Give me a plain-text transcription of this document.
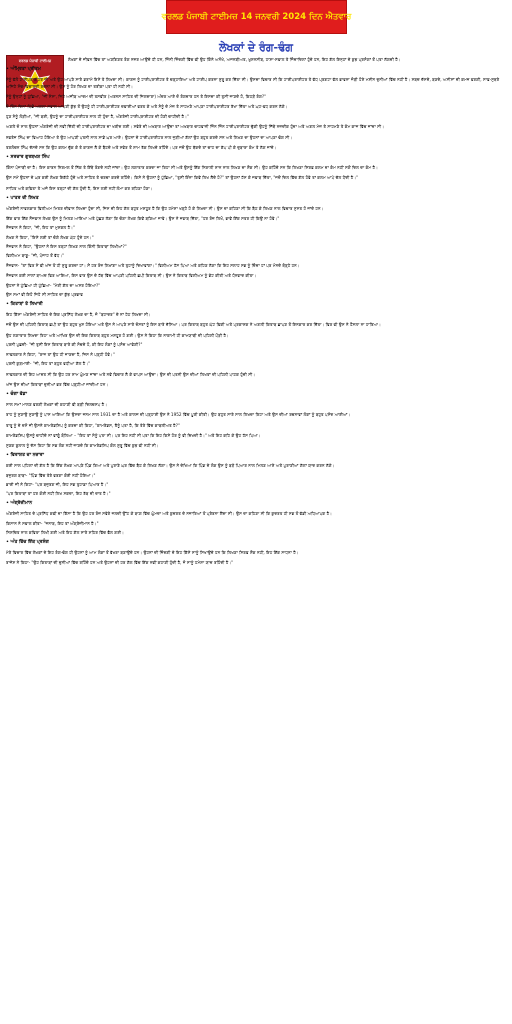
ਵਰਲਡ ਪੰਜਾਬੀ ਟਾਈਮਜ਼ 14 ਜਨਵਰੀ 2024 ਦਿਨ ਐਤਵਾਰ
ਲੇਖਕਾਂ ਦੇ ਰੰਗ-ਢੰਗ
ਵਰਲਡ ਪੰਜਾਬੀ ਟਾਈਮਜ਼	ਲੇਖਕਾਂ ਦੇ ਜੀਵਨ ਵਿੱਚ ਤਾਂ ਅਣਗਿਣਤ ਰੰਗ ਨਜ਼ਰ ਆਉਂਦੇ ਹੀ ਹਨ, ਜਿੰਨੀ ਜ਼ਿੰਦਗੀ ਵਿੱਚ ਵੀ ਉਹ ਕਿੰਨੇ ਅਨੋਖੇ, ਅਜਨਬੀਅਤ, ਖ਼ੁਸ਼ਨਸੀਬ, ਹਾਸ਼ਾ-ਸਵਾਲ ਤੇ ਜਿੰਦਾਦਿਲਾਂ ਹੁੰਦੇ ਹਨ, ਇਹ ਗੱਲ ਇਨ੍ਹਾਂ ਦੇ ਕੁਝ ਪ੍ਰਸੰਗਾਂ ਤੋਂ ਪਤਾ ਲੱਗਦੀ ਹੈ।

• ਅੰਮ੍ਰਿਤਾ ਪ੍ਰੀਤਮ

ਮੈਨੂੰ ਵੱਲੋਂ ਟਾਈਪਰਾਈਟਰ ਜੀ ਅਤੇ ਉਹ ਆਪਣੇ ਸਾਰੇ ਡਰਾਮੇ ਇਸੇ ਤੇ ਲਿਖਦਾ ਸੀ। ਕਾਗਜ਼ ਨੂੰ ਟਾਈਪਰਾਈਟਰ ਤੇ ਚੜ੍ਹਾਇਆ ਅਤੇ ਟਾਈਪ ਕਰਨਾ ਸ਼ੁਰੂ ਕਰ ਦਿੱਤਾ ਸੀ। ਉਸਦਾ ਵਿਚਾਰ ਸੀ ਕਿ ਟਾਈਪਰਾਈਟਰ ਤੇ ਵੱਧ ਪ੍ਰਗਟਾ ਵੱਲ ਭਾਵਨਾ ਜੋੜੀ ਹੋਏ ਮਸ਼ੀਨ ਦੁਨੀਆਂ ਵਿੱਚ ਨਹੀਂ ਹੈ। ਸਬਦ ਦੱਸਦੇ, ਬਣਦੇ, ਅਸੀਸਾਂ ਦੀ ਕਮਜ਼ ਵਰਗੀ, ਸਾਫ਼-ਸੁਥਰੇ ਅਜਿਹੇ ਸੋਚ-ਵਿਚਾਰਦੀ ਰਚਨਾ ਸੀ। ਉਸ ਨੂੰ ਹੋਰ ਲਿਖਣ ਦਾ ਤਰੀਕਾ ਪਤਾ ਹੀ ਨਹੀਂ ਸੀ।

ਮੈਨੂੰ ਉਨ੍ਹਾਂ ਨੂੰ ਪੁੱਛਿਆ, "ਜੀ ਮੈਸਾ, ਜਿਹੇ ਅਜੀਬ ਆਦਮ ਦੀ ਤਸਵੀਰ (ਅਰਨਸ ਸਾਹਿਤ ਦੀ ਜਿਲਦਾਰਾ) ਅੰਦਰ ਆਏ ਦੋ ਰੰਗਦਾਰ ਹਨ ਤੇ ਇਸਦਾ ਕੀ ਤੁਸੀਂ ਜਾਣਦੇ ਹੋ, ਕਿਹੜੇ ਰੰਗ?"

ਦੋ ਤਿੰਨ ਦਿਨਾਂ ਪਿੱਛੋਂ ਅਗਲਾ ਸਵਾਲ ਆਪਣੀ ਕੁੱਝ ਤੋਂ ਉਹਨੂੰ ਹੀ ਟਾਈਪਰਾਈਟਰ ਦਵਾਈਆਂ ਵਰਤ ਕੇ ਅਤੇ ਮੈਨੂੰ ਦੇ ਮੇਜ਼ ਤੇ ਸਾਹਮਣੇ ਆਪਣਾ ਟਾਈਪਰਾਈਟਰ ਰੱਖਾ ਦਿੱਤਾ ਅਤੇ ਘਟ-ਵਧ ਕਰਨ ਲੱਗੇ।

ਹੁਣ ਮੈਨੂੰ ਲੋੜੀਆਂ, "ਜੀ ਬਈ, ਉਹਨੂੰ ਦਾ ਟਾਈਪਰਾਈਟਰ ਨਾਲ ਹੀ ਹੁੰਦਾ ਹੈ, ਅੰਗਰੇਜ਼ੀ ਟਾਈਪਰਾਈਟਰ ਦੀ ਹੋਣੀ ਚਾਹੀਦੀ ਹੈ।"

ਅਗਲੇ ਦੋ ਸਾਲ ਉਹਨਾਂ ਅੰਗਰੇਜ਼ੀ ਦੀ ਨਵੀਂ ਦਿੱਤੀ ਦੀ ਟਾਈਪਰਾਈਟਰ ਦਾ ਖਰੀਦ ਲਈ। ਸਵੇਰੇ ਦੀ ਅਖਬਾਰ ਆਉਂਦਾ ਤਾਂ ਅਖਬਾਰ ਚਾਹਵਾਨੀ ਜਿੰਨ ਜਿੰਨ ਟਾਈਪਰਾਈਟਰ ਚੁੱਕੀ ਉਹਨੂੰ ਜਿੱਥੇ ਨਜ਼ਦੀਕ ਹੁੰਦਾ ਅਤੇ ਅਗਲ ਮੇਜ਼ ਤੇ ਸਾਹਮਣੇ ਤੇ ਕੰਮ ਕਾਜ ਵਿੱਚ ਜਾਂਦਾ ਸੀ।

ਨਵਤੇਜ ਸਿੰਘ ਦਾ ਵਿਆਹ ਹੋਇਆ ਤੇ ਉਹ ਆਪਣੀ ਪਤਨੀ ਨਾਲ ਸਾਡੇ ਘਰ ਆਏ। ਉਹਨਾਂ ਦੇ ਟਾਈਪਰਾਈਟਰ ਨਾਲ ਜੁੜੀਆਂ ਗੱਲਾਂ ਉਹ ਬਹੁਤ ਕਰਦੇ ਸਨ ਅਤੇ ਲਿਖਣ ਦਾ ਉਹਨਾਂ ਦਾ ਆਪਣਾ ਢੰਗ ਸੀ।

ਤਰਲੋਚਨ ਸਿੰਘ ਦੱਸਦੇ ਸਨ ਕਿ ਉਹ ਕਲਮ ਚੁੱਕ ਕੇ ਤੇ ਕਾਗਜ਼ ਲੈ ਕੇ ਬੈਠਦੇ ਅਤੇ ਸਵੇਰ ਤੋਂ ਸ਼ਾਮ ਤੱਕ ਲਿਖਦੇ ਰਹਿੰਦੇ। ਪਰ ਜਦੋਂ ਉਹ ਥੱਕਦੇ ਤਾਂ ਚਾਹ ਦਾ ਕੱਪ ਪੀ ਕੇ ਦੁਬਾਰਾ ਕੰਮ ਤੇ ਲੱਗ ਜਾਂਦੇ।

• ਸਰਦਾਰ ਗੁਰਬਖਸ਼ ਸਿੰਘ

ਕਿੰਨਾ ਪੰਜਾਬੀ ਦਾ ਹੈ। ਇਸ ਕਾਰਨ ਨਿਰਮਲ ਤੋਂ ਨਿੱਕ ਤੇ ਇੱਥੇ ਰੰਗਦੇ ਨਹੀਂ ਜਾਂਦਾ। ਉਹ ਲਗਾਤਾਰ ਕਰਦਾ ਜਾ ਰਿਹਾ ਸੀ ਅਤੇ ਉਸਨੂੰ ਇੱਕ ਨਿਰਾਲੀ ਸ਼ਾਨ ਨਾਲ ਲਿਖਣ ਦਾ ਸ਼ੌਕ ਸੀ। ਉਹ ਕਹਿੰਦੇ ਸਨ ਕਿ ਲਿਖਣਾ ਸਿਰਫ਼ ਕਲਮ ਦਾ ਕੰਮ ਨਹੀਂ ਸਗੋਂ ਦਿਲ ਦਾ ਕੰਮ ਹੈ।

ਉਸ ਸਮੇਂ ਉਹਨਾਂ ਦੇ ਘਰ ਕਈ ਲੇਖਕ ਇਕੱਠੇ ਹੁੰਦੇ ਅਤੇ ਸਾਹਿਤ ਤੇ ਚਰਚਾ ਕਰਦੇ ਰਹਿੰਦੇ। ਕਿਸੇ ਨੇ ਉਹਨਾਂ ਨੂੰ ਪੁੱਛਿਆ, "ਤੁਸੀਂ ਇੰਨਾ ਕਿਵੇਂ ਲਿਖ ਲੈਂਦੇ ਹੋ?" ਤਾਂ ਉਹਨਾਂ ਹੱਸ ਕੇ ਜਵਾਬ ਦਿੱਤਾ, "ਜਦੋਂ ਦਿਲ ਵਿੱਚ ਗੱਲ ਹੋਵੇ ਤਾਂ ਕਲਮ ਆਪੇ ਚੱਲ ਪੈਂਦੀ ਹੈ।"

ਸਾਹਿਤ ਅਤੇ ਕਵਿਤਾ ਤੇ ਅਜੇ ਇਸ ਤਰ੍ਹਾਂ ਦੀ ਗੱਲ ਹੁੰਦੀ ਹੈ, ਇਸ ਲਈ ਨਹੀਂ ਲੰਮਾ ਕਰ ਰਹਿਣਾ ਹੋਣਾ।

• ਪਾਤਰ ਦੀ ਲਿਖਤ

ਅੰਗਰੇਜ਼ੀ ਨਾਵਲਕਾਰ ਵਿਲੀਅਮ ਮਿਤਰ ਦੀਵਾਨ ਲਿਖਦਾ ਹੁੰਦਾ ਸੀ, ਜਿਸ ਦੀ ਇਹ ਗੱਲ ਬਹੁਤ ਮਸ਼ਹੂਰ ਹੈ ਕਿ ਉਹ ਹਮੇਸ਼ਾ ਖੜ੍ਹੇ ਹੋ ਕੇ ਲਿਖਦਾ ਸੀ। ਉਸ ਦਾ ਕਹਿਣਾ ਸੀ ਕਿ ਬੈਠ ਕੇ ਲਿਖਣ ਨਾਲ ਵਿਚਾਰ ਸੁਸਤ ਹੋ ਜਾਂਦੇ ਹਨ।

ਇੱਕ ਵਾਰ ਇੱਕ ਨੌਜਵਾਨ ਲੇਖਕ ਉਸ ਨੂੰ ਮਿਲਣ ਆਇਆ ਅਤੇ ਪੁੱਛਣ ਲੱਗਾ ਕਿ ਚੰਗਾ ਲੇਖਕ ਕਿਵੇਂ ਬਣਿਆ ਜਾਵੇ। ਉਸ ਨੇ ਜਵਾਬ ਦਿੱਤਾ, "ਹਰ ਰੋਜ਼ ਲਿਖੋ, ਭਾਵੇਂ ਇੱਕ ਸਤਰ ਹੀ ਕਿਉਂ ਨਾ ਹੋਵੇ।"

ਨੌਜਵਾਨ ਨੇ ਕਿਹਾ, "ਜੀ, ਇਹ ਤਾਂ ਮੁਸ਼ਕਲ ਹੈ।"

ਲੇਖਕ ਨੇ ਕਿਹਾ, "ਇਸੇ ਲਈ ਤਾਂ ਚੰਗੇ ਲੇਖਕ ਘੱਟ ਹੁੰਦੇ ਹਨ।"

ਨੌਜਵਾਨ ਨੇ ਕਿਹਾ, "ਉਹਨਾਂ ਨੇ ਇਸ ਤਰ੍ਹਾਂ ਲਿਖਣ ਨਾਲ ਕਿੰਨੀ ਕਿਤਾਬਾਂ ਲਿਖੀਆਂ?"

ਵਿਲੀਅਮ ਬਾਬੂ- "ਜੀ, ਪੰਜਾਹ ਤੋਂ ਵੱਧ।"

ਨੌਜਵਾਨ- "ਤਾਂ ਫਿਰ ਮੈਂ ਵੀ ਅੱਜ ਤੋਂ ਹੀ ਸ਼ੁਰੂ ਕਰਦਾ ਹਾਂ। ਮੈਂ ਹਰ ਰੋਜ਼ ਲਿਖਾਂਗਾ ਅਤੇ ਤੁਹਾਨੂੰ ਦਿਖਾਵਾਂਗਾ।" ਵਿਲੀਅਮ ਹੱਸ ਪਿਆ ਅਤੇ ਕਹਿਣ ਲੱਗਾ ਕਿ ਇਹ ਸਲਾਹ ਸਭ ਨੂੰ ਦਿੰਦਾ ਹਾਂ ਪਰ ਮੰਨਦੇ ਥੋੜ੍ਹੇ ਹਨ।

ਨੌਜਵਾਨ ਕਈ ਸਾਲਾਂ ਬਾਅਦ ਫਿਰ ਆਇਆ, ਇਸ ਵਾਰ ਉਸ ਦੇ ਹੱਥ ਵਿੱਚ ਆਪਣੀ ਪਹਿਲੀ ਛਪੀ ਕਿਤਾਬ ਸੀ। ਉਸ ਨੇ ਕਿਤਾਬ ਵਿਲੀਅਮ ਨੂੰ ਭੇਟ ਕੀਤੀ ਅਤੇ ਧੰਨਵਾਦ ਕੀਤਾ।

ਉਹਨਾਂ ਨੇ ਪੁੱਛਿਆ ਹੀ ਪੁੱਛਿਆ- "ਮੇਰੀ ਗੱਲ ਦਾ ਅਸਰ ਹੋਇਆ?"

ਉਸ ਸਮਾਂ ਵੀ ਇਹੋ ਜਿਹੇ ਸੀ ਸਾਹਿਤ ਦਾ ਕੁੱਝ ਪ੍ਰਭਾਵ

• ਕਿਤਾਬਾਂ ਤੇ ਲਿਖਾਰੀ

ਇਹ ਕਿੱਸਾ ਅੰਗਰੇਜ਼ੀ ਸਾਹਿਤ ਦੇ ਇਕ ਪ੍ਰਸਿੱਧ ਲੇਖਕ ਦਾ ਹੈ, ਜੋ "ਬਹਾਦਰ" ਦੇ ਨਾਂ ਹੇਠ ਲਿਖਦਾ ਸੀ।

ਜਦੋਂ ਉਸ ਦੀ ਪਹਿਲੀ ਕਿਤਾਬ ਛਪੀ ਤਾਂ ਉਹ ਬਹੁਤ ਖੁਸ਼ ਹੋਇਆ ਅਤੇ ਉਸ ਨੇ ਆਪਣੇ ਸਾਰੇ ਦੋਸਤਾਂ ਨੂੰ ਇਸ ਬਾਰੇ ਦੱਸਿਆ। ਪਰ ਕਿਤਾਬ ਬਹੁਤ ਘੱਟ ਵਿਕੀ ਅਤੇ ਪ੍ਰਕਾਸ਼ਕ ਨੇ ਅਗਲੀ ਕਿਤਾਬ ਛਾਪਣ ਤੋਂ ਇਨਕਾਰ ਕਰ ਦਿੱਤਾ। ਫਿਰ ਵੀ ਉਸ ਨੇ ਹੌਸਲਾ ਨਾ ਹਾਰਿਆ।

ਉਹ ਲਗਾਤਾਰ ਲਿਖਦਾ ਰਿਹਾ ਅਤੇ ਆਖਿਰ ਉਸ ਦੀ ਇਕ ਕਿਤਾਬ ਬਹੁਤ ਮਸ਼ਹੂਰ ਹੋ ਗਈ। ਉਸ ਨੇ ਕਿਹਾ ਕਿ ਨਾਕਾਮੀ ਹੀ ਕਾਮਯਾਬੀ ਦੀ ਪਹਿਲੀ ਪੌੜੀ ਹੈ।

ਪਰਨੀ ਪੁਛਦੀ- "ਜੀ ਤੁਸੀਂ ਇਸ ਕਿਤਾਬ ਬਾਰੇ ਕੀ ਸੋਚਦੇ ਹੋ, ਕੀ ਇਹ ਲੋਕਾਂ ਨੂੰ ਪਸੰਦ ਆਵੇਗੀ?"

ਨਾਵਲਕਾਰ ਨੇ ਕਿਹਾ, "ਰਾਜ ਤਾਂ ਉਹ ਹੀ ਜਾਣਦਾ ਹੈ, ਜਿਸ ਨੇ ਪੜ੍ਹੀ ਹੋਵੇ।"

ਪਰਨੀ ਕੁੜਮਾਈ- "ਜੀ, ਇਹ ਤਾਂ ਬਹੁਤ ਵਧੀਆ ਗੱਲ ਹੈ।"

ਨਾਵਲਕਾਰ ਦੀ ਇਹ ਆਦਤ ਸੀ ਕਿ ਉਹ ਹਰ ਸ਼ਾਮ ਘੁੰਮਣ ਜਾਂਦਾ ਅਤੇ ਨਵੇਂ ਵਿਚਾਰ ਲੈ ਕੇ ਵਾਪਸ ਆਉਂਦਾ। ਉਸ ਦੀ ਪਤਨੀ ਉਸ ਦੀਆਂ ਲਿਖਤਾਂ ਦੀ ਪਹਿਲੀ ਪਾਠਕ ਹੁੰਦੀ ਸੀ।

ਅੱਜ ਉਸ ਦੀਆਂ ਕਿਤਾਬਾਂ ਦੁਨੀਆਂ ਭਰ ਵਿੱਚ ਪੜ੍ਹੀਆਂ ਜਾਂਦੀਆਂ ਹਨ।

• ਚੰਗਾ ਵੱਡਾ

ਸਾਲ ਸਮਾਂ ਮਾਲਣ ਵਰਗੀ ਲੇਖਕਾਂ ਦੀ ਕਹਾਣੀ ਵੀ ਬੜੀ ਦਿਲਚਸਪ ਹੈ।

ਰਾਹ ਨੂੰ ਸੁਣਾਉ ਸੁਣਾਉ ਨੂੰ ਪਾਸ ਆਇਆ ਕਿ ਉਸਦਾ ਜਨਮ ਸਾਲ 1931 ਦਾ ਹੈ ਅਤੇ ਕਾਲਜ ਦੀ ਪੜ੍ਹਾਈ ਉਸ ਨੇ 1952 ਵਿੱਚ ਪੂਰੀ ਕੀਤੀ। ਉਹ ਬਹੁਤ ਸਾਰੇ ਸਾਲ ਲਿਖਦਾ ਰਿਹਾ ਅਤੇ ਉਸ ਦੀਆਂ ਰਚਨਾਵਾਂ ਲੋਕਾਂ ਨੂੰ ਬਹੁਤ ਪਸੰਦ ਆਈਆਂ।

ਤਾਰੂ ਨੂੰ ਦੇ ਦਸੋ ਜੀ ਉਸਨੇ ਕਾਮਰੇਡਸ਼ਿਪ ਨੂੰ ਕਰਦਾ ਕੀ ਕਿਹਾ, "ਕਾਮਰੇਡਸ, ਤੈਨੂੰ ਪਤਾ ਹੈ, ਕਿ ਤੇਰੇ ਵਿੱਚ ਕਾਬਲੀਅਤ ਹੈ?"

ਕਾਮਰੇਡਸ਼ਿਪ ਉਸਨੂੰ ਚਾਹੀਦੇ ਨਾਂ ਵਾਂਗੂੰ ਬੋਲਿਆ – "ਇਹ ਤਾਂ ਮੈਨੂੰ ਪਤਾ ਸੀ। ਪਰ ਇਹ ਨਹੀਂ ਸੀ ਪਤਾ ਕਿ ਇਹ ਕਿਸੇ ਹੋਰ ਨੂੰ ਵੀ ਦਿਖਦੀ ਹੈ।" ਅਤੇ ਇਹ ਕਹਿ ਕੇ ਉਹ ਹੱਸ ਪਿਆ।

ਸੁਣਕ ਬੁਲਾਲ ਨੂੰ ਦੱਸ ਰਿਹਾ ਕਿ ਸਭ ਲੋਕ ਨਹੀਂ ਜਾਣਦੇ ਕਿ ਕਾਮਰੇਡਸ਼ਿਪ ਕੋਲ ਸ਼ੁਰੂ ਵਿੱਚ ਕੁਝ ਵੀ ਨਹੀਂ ਸੀ।

• ਵਿਰਾਸ਼ਤ ਦਾ ਨਜ਼ਾਰਾ

ਕਈ ਸਾਲ ਪਹਿਲਾਂ ਦੀ ਗੱਲ ਹੈ ਕਿ ਇੱਕ ਲੇਖਕ ਆਪਣੇ ਪਿੰਡ ਗਿਆ ਅਤੇ ਪੁਰਾਣੇ ਘਰ ਵਿੱਚ ਬੈਠ ਕੇ ਲਿਖਣ ਲੱਗਾ। ਉਸ ਨੇ ਦੇਖਿਆ ਕਿ ਪਿੰਡ ਦੇ ਲੋਕ ਉਸ ਨੂੰ ਬੜੇ ਪਿਆਰ ਨਾਲ ਮਿਲਣ ਆਏ ਅਤੇ ਪੁਰਾਣੀਆਂ ਗੱਲਾਂ ਯਾਦ ਕਰਨ ਲੱਗੇ।

ਬਜ਼ੁਰਗ ਬਾਬਾ- "ਪਿੰਡ ਵਿੱਚ ਤੇਰੇ ਵਰਗਾ ਕੋਈ ਨਹੀਂ ਹੋਇਆ।"

ਭਾਈ ਜੀ ਨੇ ਕਿਹਾ- "ਪਰ ਬਜ਼ੁਰਗ ਜੀ, ਇਹ ਸਭ ਤੁਹਾਡਾ ਪਿਆਰ ਹੈ।"

"ਪਰ ਕਿਤਾਬਾਂ ਤਾਂ ਹਰ ਕੋਈ ਨਹੀਂ ਲਿਖ ਸਕਦਾ, ਇਹ ਰੱਬ ਦੀ ਦਾਤ ਹੈ।"

• ਅੰਗ੍ਰੇਜ਼ੀਮਾਨ

ਅੰਗਰੇਜ਼ੀ ਸਾਹਿਤ ਦੇ ਪ੍ਰਸਿੱਧ ਕਵੀ ਦਾ ਕਿੱਸਾ ਹੈ ਕਿ ਉਹ ਹਰ ਰੋਜ਼ ਸਵੇਰੇ ਜਲਦੀ ਉੱਠ ਕੇ ਬਾਗ਼ ਵਿੱਚ ਘੁੰਮਦਾ ਅਤੇ ਕੁਦਰਤ ਦੇ ਨਜ਼ਾਰਿਆਂ ਤੋਂ ਪ੍ਰੇਰਨਾ ਲੈਂਦਾ ਸੀ। ਉਸ ਦਾ ਕਹਿਣਾ ਸੀ ਕਿ ਕੁਦਰਤ ਹੀ ਸਭ ਤੋਂ ਵੱਡੀ ਅਧਿਆਪਕ ਹੈ।

ਕਿਸਾਨ ਨੇ ਸਵਾਲ ਕੀਤਾ- "ਜਨਾਬ, ਇਹ ਤਾਂ ਅੰਗ੍ਰੇਜ਼ੀਮਾਨ ਹੈ।"

ਨਿਸ਼ਚਿਤ ਨਾਲ ਕਵਿਤਾ ਲਿਖੀ ਗਈ ਅਤੇ ਇਹ ਗੱਲ ਸਾਰੇ ਸ਼ਹਿਰ ਵਿੱਚ ਫੈਲ ਗਈ।

• ਅੰਤ ਵਿੱਚ ਇੱਕ ਪ੍ਰਸੰਗ

ਮੇਰੇ ਵਿਚਾਰ ਵਿੱਚ ਲੇਖਕਾਂ ਦੇ ਇਹ ਰੰਗ-ਢੰਗ ਹੀ ਉਹਨਾਂ ਨੂੰ ਆਮ ਲੋਕਾਂ ਤੋਂ ਵੱਖਰਾ ਬਣਾਉਂਦੇ ਹਨ। ਉਹਨਾਂ ਦੀ ਜ਼ਿੰਦਗੀ ਦੇ ਇਹ ਕਿੱਸੇ ਸਾਨੂੰ ਸਿਖਾਉਂਦੇ ਹਨ ਕਿ ਲਿਖਣਾ ਸਿਰਫ਼ ਸ਼ੌਕ ਨਹੀਂ, ਇਹ ਇੱਕ ਸਾਧਨਾ ਹੈ।

ਰਾਜੇਸ਼ ਨੇ ਕਿਹਾ- "ਉਹ ਕਿਤਾਬਾਂ ਦੀ ਦੁਨੀਆਂ ਵਿੱਚ ਰਹਿੰਦੇ ਹਨ ਅਤੇ ਉਹਨਾਂ ਦੀ ਹਰ ਗੱਲ ਵਿੱਚ ਇੱਕ ਨਵੀਂ ਕਹਾਣੀ ਹੁੰਦੀ ਹੈ, ਜੋ ਸਾਨੂੰ ਹਮੇਸ਼ਾ ਯਾਦ ਰਹਿੰਦੀ ਹੈ।"
